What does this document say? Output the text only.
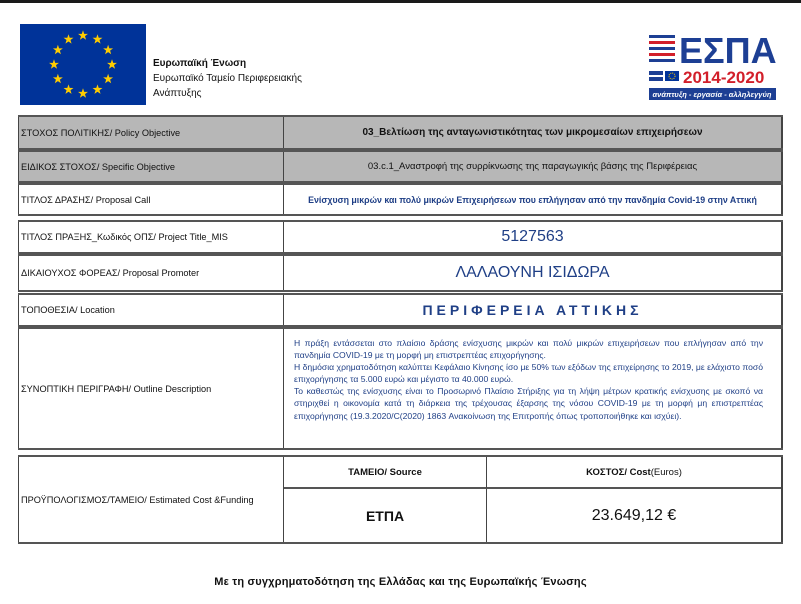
Ευρωπαϊκή Ένωση
Ευρωπαϊκό Ταμείο Περιφερειακής
Ανάπτυξης
ΕΣΠΑ
2014-2020
ανάπτυξη - εργασία - αλληλεγγύη
ΣΤΟΧΟΣ ΠΟΛΙΤΙΚΗΣ/ Policy Objective	03_Βελτίωση της ανταγωνιστικότητας των μικρομεσαίων επιχειρήσεων
ΕΙΔΙΚΟΣ ΣΤΟΧΟΣ/ Specific Objective	03.c.1_Αναστροφή της συρρίκνωσης της παραγωγικής βάσης της Περιφέρειας
ΤΙΤΛΟΣ ΔΡΑΣΗΣ/ Proposal Call	Ενίσχυση μικρών και πολύ μικρών Επιχειρήσεων που επλήγησαν από την πανδημία Covid-19 στην Αττική
ΤΙΤΛΟΣ ΠΡΑΞΗΣ_Κωδικός ΟΠΣ/ Project Title_MIS	5127563
ΔΙΚΑΙΟΥΧΟΣ ΦΟΡΕΑΣ/ Proposal Promoter	ΛΑΛΑΟΥΝΗ ΙΣΙΔΩΡΑ
ΤΟΠΟΘΕΣΙΑ/ Location	ΠΕΡΙΦΕΡΕΙΑ ΑΤΤΙΚΗΣ
ΣΥΝΟΠΤΙΚΗ ΠΕΡΙΓΡΑΦΗ/ Outline Description
Η πράξη εντάσσεται στο πλαίσιο δράσης ενίσχυσης μικρών και πολύ μικρών επιχειρήσεων που επλήγησαν από την πανδημία COVID-19 με τη μορφή μη επιστρεπτέας επιχορήγησης.
Η δημόσια χρηματοδότηση καλύπτει Κεφάλαιο Κίνησης ίσο με 50% των εξόδων της επιχείρησης το 2019, με ελάχιστο ποσό επιχορήγησης τα 5.000 ευρώ και μέγιστο τα 40.000 ευρώ.
Το καθεστώς της ενίσχυσης είναι το Προσωρινό Πλαίσιο Στήριξης για τη λήψη μέτρων κρατικής ενίσχυσης με σκοπό να στηριχθεί η οικονομία κατά τη διάρκεια της τρέχουσας έξαρσης της νόσου COVID-19 με τη μορφή μη επιστρεπτέας επιχορήγησης (19.3.2020/C(2020) 1863 Ανακοίνωση της Επιτροπής όπως τροποποιήθηκε και ισχύει).
ΠΡΟΫΠΟΛΟΓΙΣΜΟΣ/ΤΑΜΕΙΟ/ Estimated Cost &Funding
ΤΑΜΕΙΟ/ Source	ΚΟΣΤΟΣ/ Cost (Euros)
ΕΤΠΑ	23.649,12 €
Με τη συγχρηματοδότηση της Ελλάδας και της Ευρωπαϊκής Ένωσης
